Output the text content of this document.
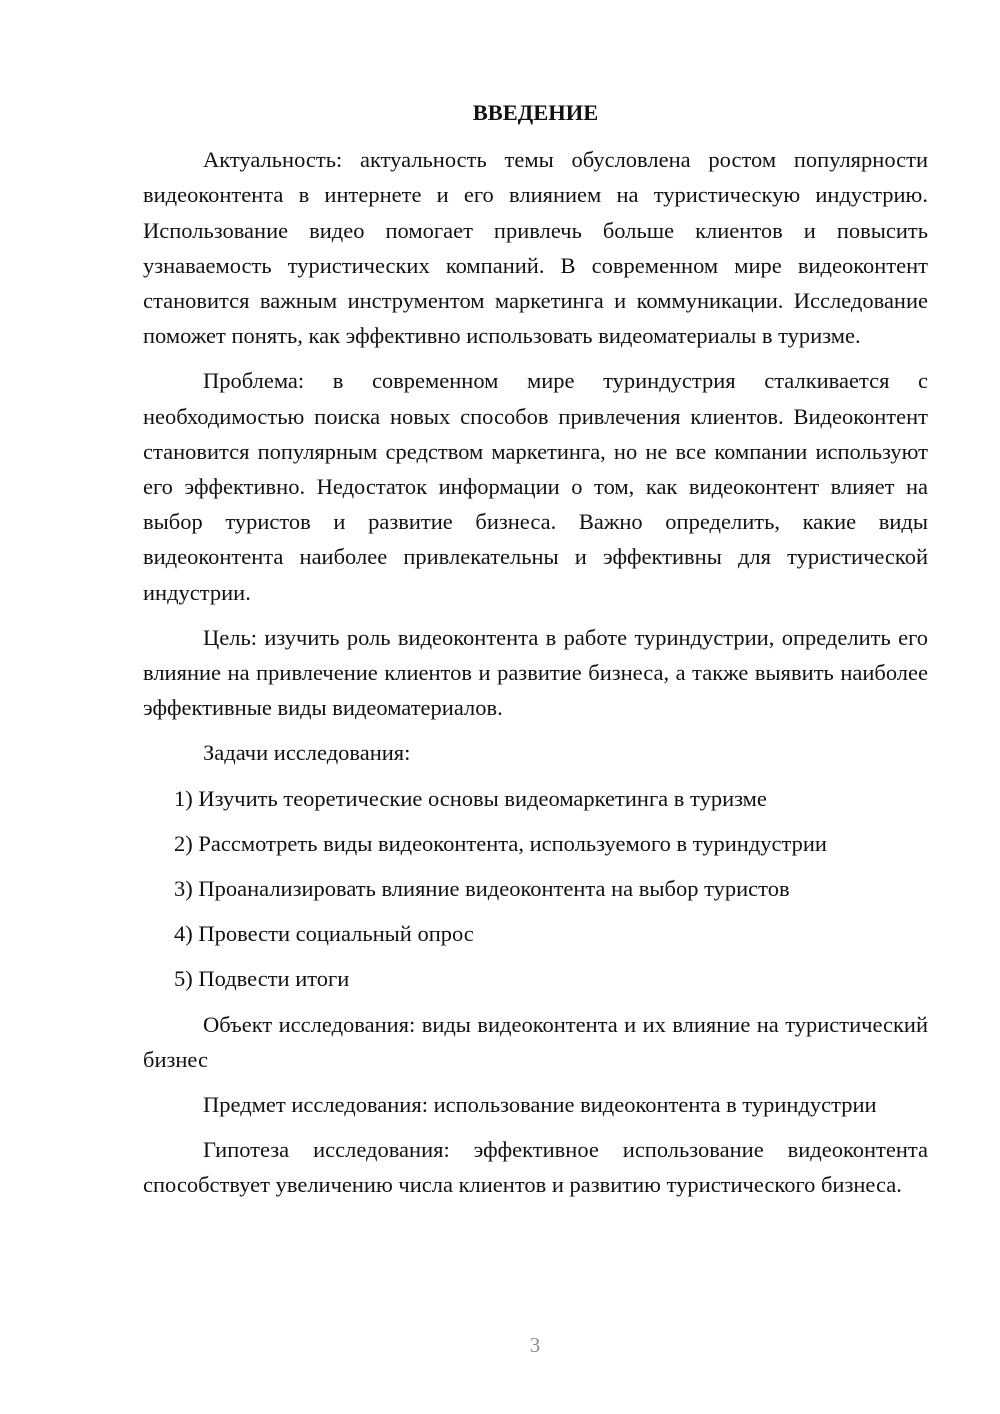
ВВЕДЕНИЕ

Актуальность: актуальность темы обусловлена ростом популярности видеоконтента в интернете и его влиянием на туристическую индустрию. Использование видео помогает привлечь больше клиентов и повысить узнаваемость туристических компаний. В современном мире видеоконтент становится важным инструментом маркетинга и коммуникации. Исследование поможет понять, как эффективно использовать видеоматериалы в туризме.

Проблема: в современном мире туриндустрия сталкивается с необходимостью поиска новых способов привлечения клиентов. Видеоконтент становится популярным средством маркетинга, но не все компании используют его эффективно. Недостаток информации о том, как видеоконтент влияет на выбор туристов и развитие бизнеса. Важно определить, какие виды видеоконтента наиболее привлекательны и эффективны для туристической индустрии.

Цель: изучить роль видеоконтента в работе туриндустрии, определить его влияние на привлечение клиентов и развитие бизнеса, а также выявить наиболее эффективные виды видеоматериалов.

Задачи исследования:

1) Изучить теоретические основы видеомаркетинга в туризме
2) Рассмотреть виды видеоконтента, используемого в туриндустрии
3) Проанализировать влияние видеоконтента на выбор туристов
4) Провести социальный опрос
5) Подвести итоги

Объект исследования: виды видеоконтента и их влияние на туристический бизнес

Предмет исследования: использование видеоконтента в туриндустрии

Гипотеза исследования: эффективное использование видеоконтента способствует увеличению числа клиентов и развитию туристического бизнеса.

3
